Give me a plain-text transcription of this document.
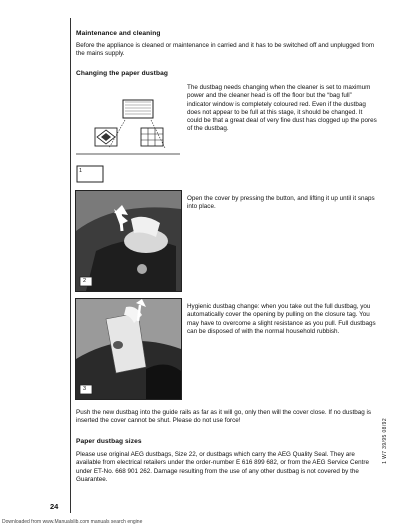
Maintenance and cleaning
Before the appliance is cleaned or maintenance in carried and it has to be switched off and unplugged from the mains supply.
Changing the paper dustbag
1
The dustbag needs changing when the cleaner is set to maximum power and the cleaner head is off the floor but the “bag full” indicator window is completely coloured red. Even if the dustbag does not appear to be full at this stage, it should be changed. It could be that a great deal of very fine dust has clogged up the pores of the dustbag.
2
Open the cover by pressing the button, and lifting it up until it snaps into place.
3
Hygienic dustbag change: when you take out the full dustbag, you automatically cover the opening by pulling on the closure tag. You may have to overcome a slight resistance as you pull. Full dustbags can be disposed of with the normal household rubbish.
Push the new dustbag into the guide rails as far as it will go, only then will the cover close. If no dustbag is inserted the cover cannot be shut. Please do not use force!
Paper dustbag sizes
Please use original AEG dustbags, Size 22, or dustbags which carry the AEG Quality Seal. They are available from electrical retailers under the order-number E 616 899 682, or from the AEG Service Centre under ET-No. 668 901 262. Damage resulting from the use of any other dustbag is not covered by the Guarantee.
24
1 W7 39/95 08/92
Downloaded from www.Manualslib.com manuals search engine
